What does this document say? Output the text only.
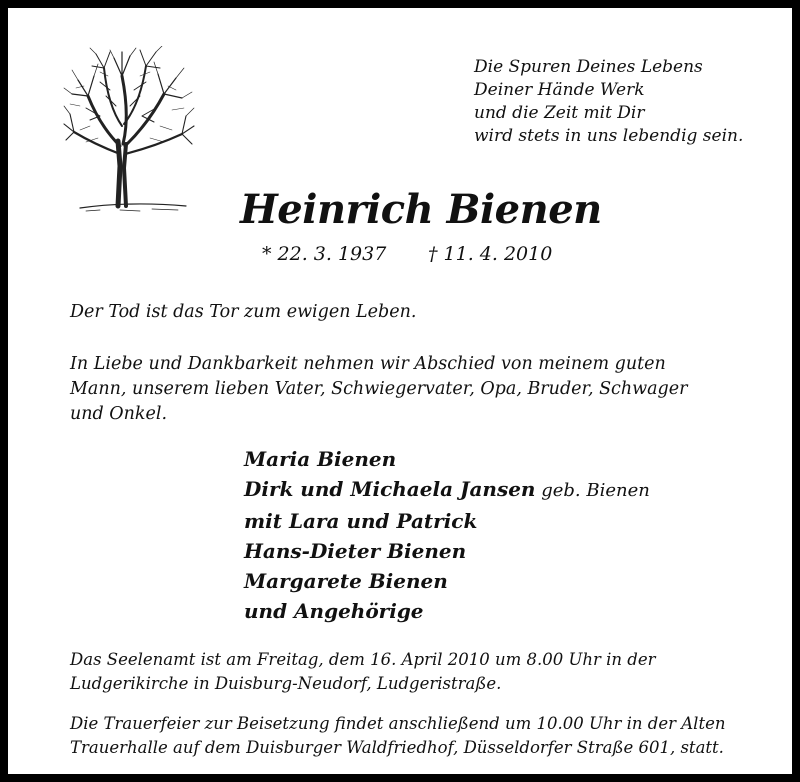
Die Spuren Deines Lebens
Deiner Hände Werk
und die Zeit mit Dir
wird stets in uns lebendig sein.
Heinrich Bienen
* 22. 3. 1937 † 11. 4. 2010
Der Tod ist das Tor zum ewigen Leben.
In Liebe und Dankbarkeit nehmen wir Abschied von meinem guten
Mann, unserem lieben Vater, Schwiegervater, Opa, Bruder, Schwager
und Onkel.
Maria Bienen
Dirk und Michaela Jansen geb. Bienen
mit Lara und Patrick
Hans-Dieter Bienen
Margarete Bienen
und Angehörige
Das Seelenamt ist am Freitag, dem 16. April 2010 um 8.00 Uhr in der
Ludgerikirche in Duisburg-Neudorf, Ludgeristraße.
Die Trauerfeier zur Beisetzung findet anschließend um 10.00 Uhr in der Alten
Trauerhalle auf dem Duisburger Waldfriedhof, Düsseldorfer Straße 601, statt.
